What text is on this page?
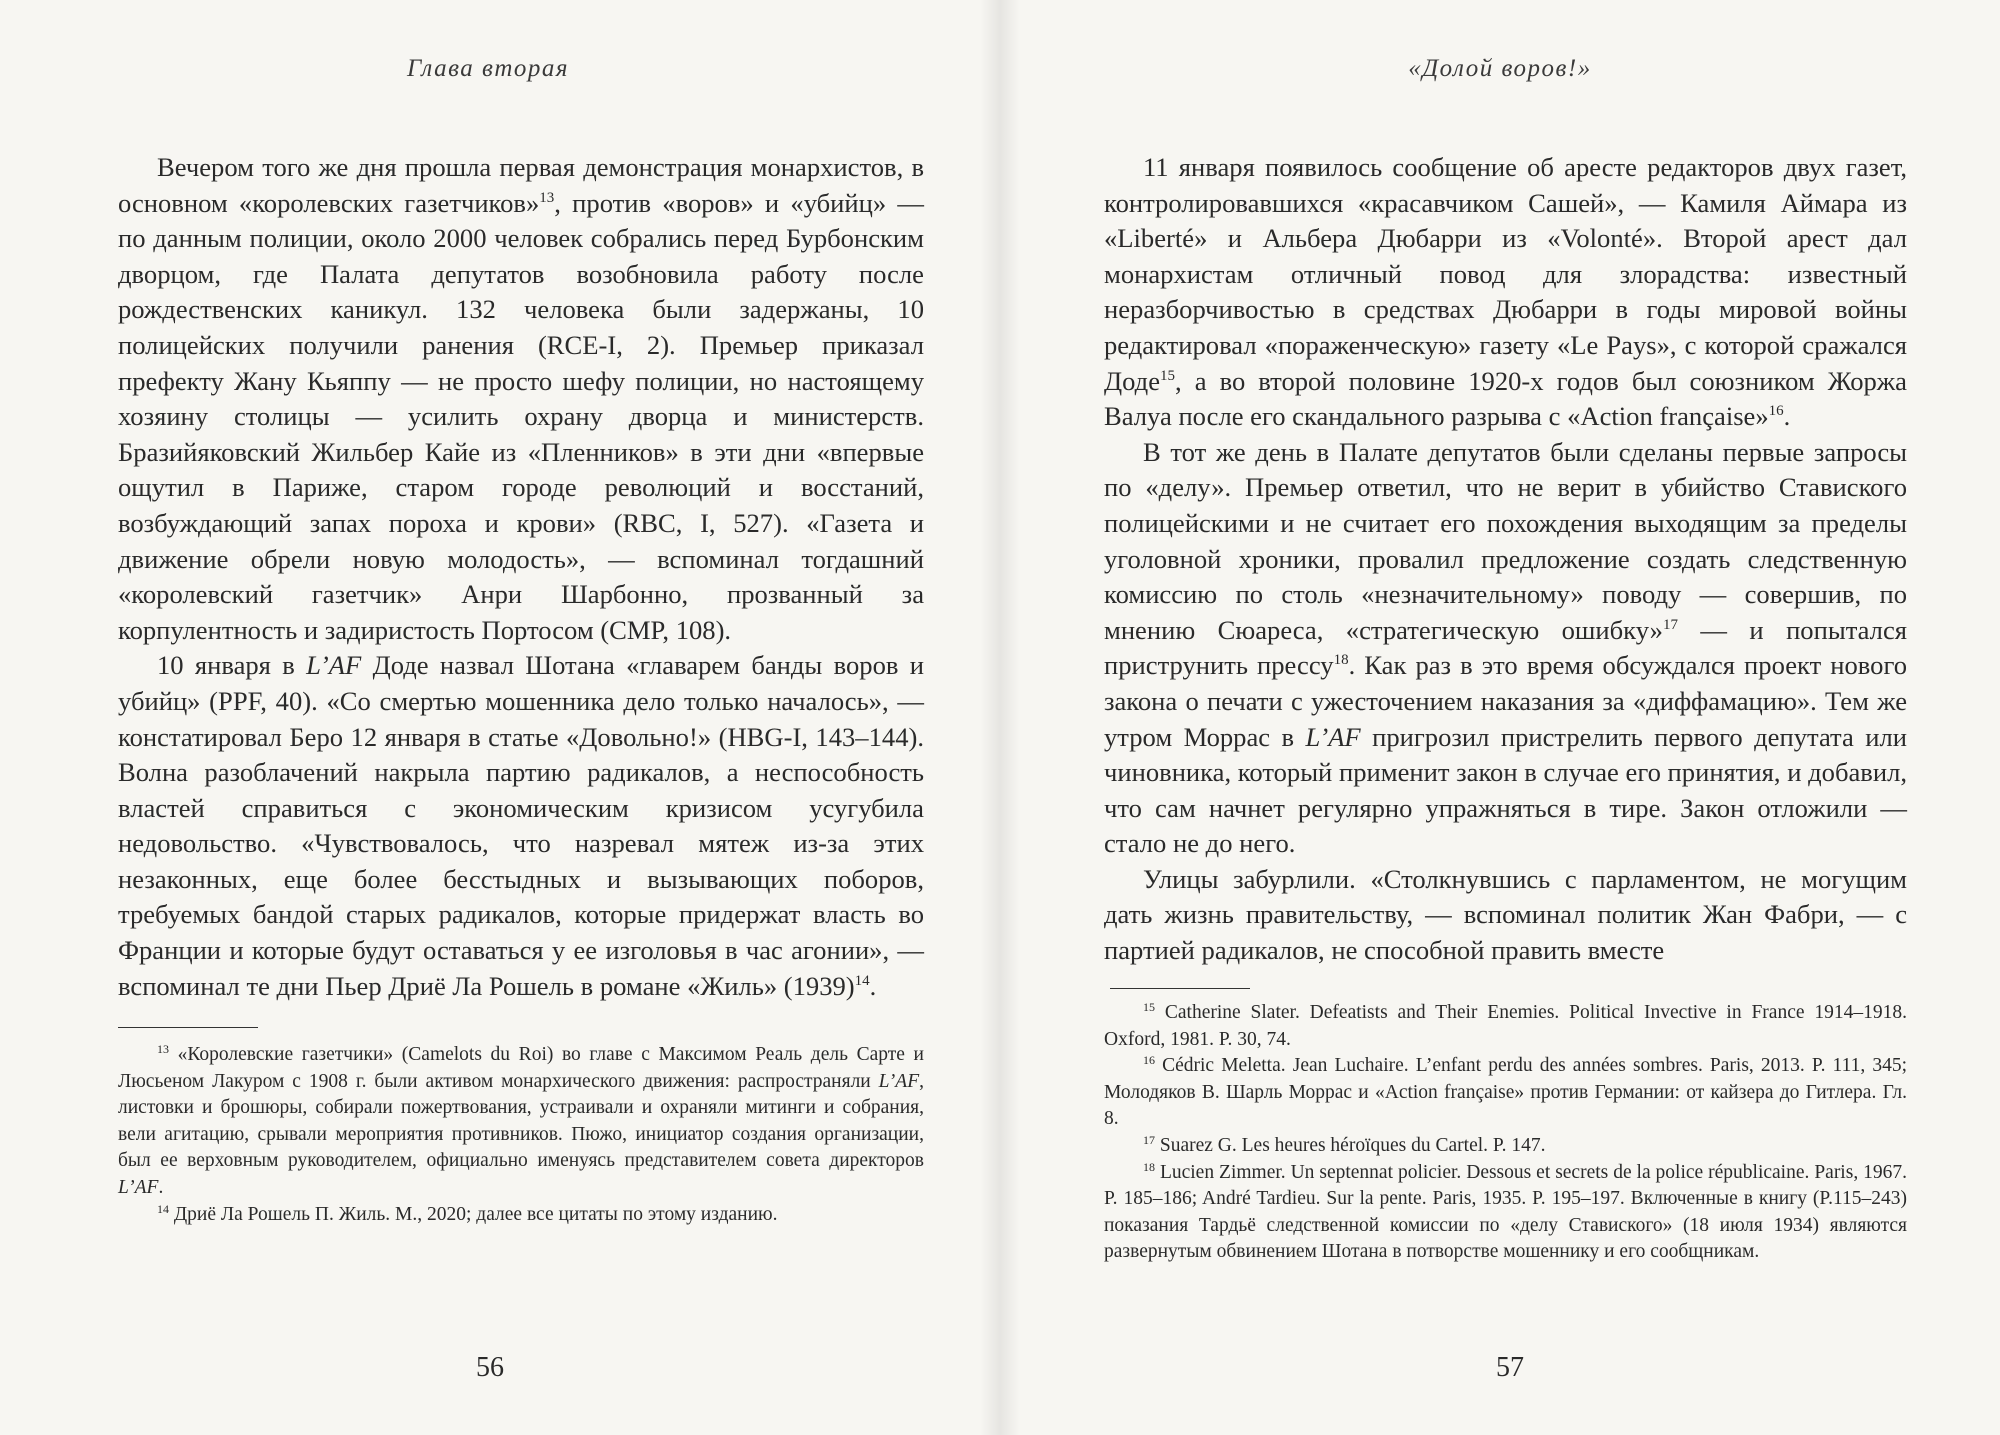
Глава вторая

Вечером того же дня прошла первая демонстрация монархистов, в основном «королевских газетчиков»$^{13}$, против «воров» и «убийц» — по данным полиции, около 2000 человек собрались перед Бурбонским дворцом, где Палата депутатов возобновила работу после рождественских каникул. 132 человека были задержаны, 10 полицейских получили ранения (RCE-I, 2). Премьер приказал префекту Жану Кьяппу — не просто шефу полиции, но настоящему хозяину столицы — усилить охрану дворца и министерств. Бразийяковский Жильбер Кайе из «Пленников» в эти дни «впервые ощутил в Париже, старом городе революций и восстаний, возбуждающий запах пороха и крови» (RBC, I, 527). «Газета и движение обрели новую молодость», — вспоминал тогдашний «королевский газетчик» Анри Шарбонно, прозванный за корпулентность и задиристость Портосом (CMP, 108).

10 января в L’AF Доде назвал Шотана «главарем банды воров и убийц» (PPF, 40). «Со смертью мошенника дело только началось», — констатировал Беро 12 января в статье «Довольно!» (HBG-I, 143–144). Волна разоблачений накрыла партию радикалов, а неспособность властей справиться с экономическим кризисом усугубила недовольство. «Чувствовалось, что назревал мятеж из-за этих незаконных, еще более бесстыдных и вызывающих поборов, требуемых бандой старых радикалов, которые придержат власть во Франции и которые будут оставаться у ее изголовья в час агонии», — вспоминал те дни Пьер Дриё Ла Рошель в романе «Жиль» $(1939)^{14}$.

$^{13}$ «Королевские газетчики» (Camelots du Roi) во главе с Максимом Реаль дель Сарте и Люсьеном Лакуром с 1908 г. были активом монархического движения: распространяли L’AF, листовки и брошюры, собирали пожертвования, устраивали и охраняли митинги и собрания, вели агитацию, срывали мероприятия противников. Пюжо, инициатор создания организации, был ее верховным руководителем, официально именуясь представителем совета директоров L’AF.

$^{14}$ Дриё Ла Рошель П. Жиль. М., 2020; далее все цитаты по этому изданию.

56
«Долой воров!»

11 января появилось сообщение об аресте редакторов двух газет, контролировавшихся «красавчиком Сашей», — Камиля Аймара из «Liberté» и Альбера Дюбарри из «Volonté». Второй арест дал монархистам отличный повод для злорадства: известный неразборчивостью в средствах Дюбарри в годы мировой войны редактировал «пораженческую» газету «Le Pays», с которой сражался Доде$^{15}$, а во второй половине 1920-х годов был союзником Жоржа Валуа после его скандального разрыва с «Action française»$^{16}$.

В тот же день в Палате депутатов были сделаны первые запросы по «делу». Премьер ответил, что не верит в убийство Ставиского полицейскими и не считает его похождения выходящим за пределы уголовной хроники, провалил предложение создать следственную комиссию по столь «незначительному» поводу — совершив, по мнению Сюареса, «стратегическую ошибку»$^{17}$ — и попытался приструнить прессу$^{18}$. Как раз в это время обсуждался проект нового закона о печати с ужесточением наказания за «диффамацию». Тем же утром Моррас в L’AF пригрозил пристрелить первого депутата или чиновника, который применит закон в случае его принятия, и добавил, что сам начнет регулярно упражняться в тире. Закон отложили — стало не до него.

Улицы забурлили. «Столкнувшись с парламентом, не могущим дать жизнь правительству, — вспоминал политик Жан Фабри, — с партией радикалов, не способной править вместе

$^{15}$ Catherine Slater. Defeatists and Their Enemies. Political Invective in France 1914–1918. Oxford, 1981. P. 30, 74.

$^{16}$ Cédric Meletta. Jean Luchaire. L’enfant perdu des années sombres. Paris, 2013. P. 111, 345; Молодяков В. Шарль Моррас и «Action française» против Германии: от кайзера до Гитлера. Гл. 8.

$^{17}$ Suarez G. Les heures héroïques du Cartel. P. 147.

$^{18}$ Lucien Zimmer. Un septennat policier. Dessous et secrets de la police républicaine. Paris, 1967. P. 185–186; André Tardieu. Sur la pente. Paris, 1935. P. 195–197. Включенные в книгу (P.115–243) показания Тардьё следственной комиссии по «делу Ставиского» (18 июля 1934) являются развернутым обвинением Шотана в потворстве мошеннику и его сообщникам.

57
